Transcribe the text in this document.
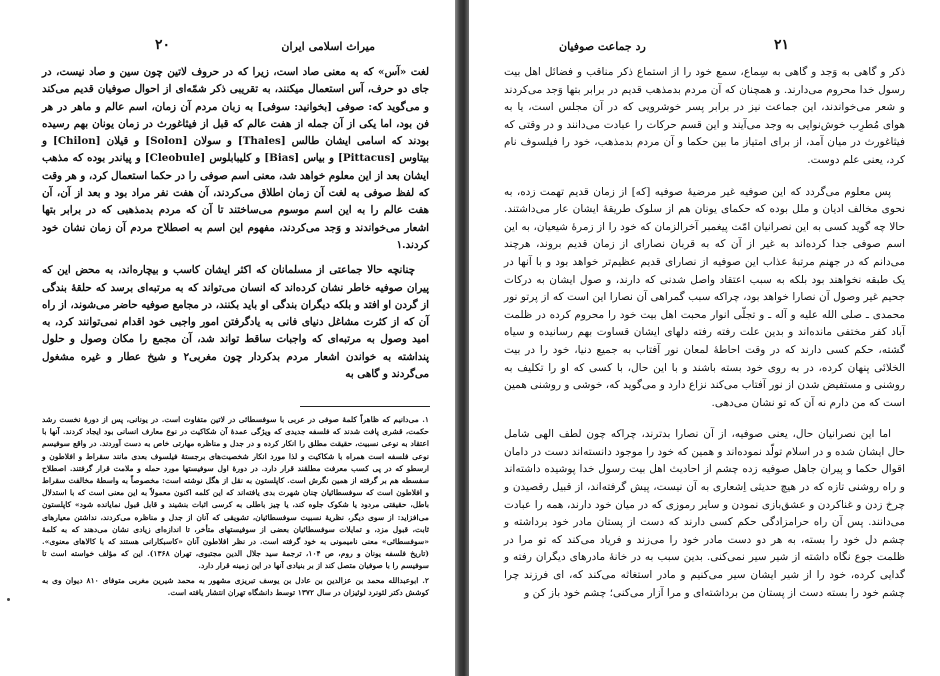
۲۰	میراث اسلامی ایران

لغت «آس» که به معنی صاد است، زیرا که در حروف لاتین چون سین و صاد نیست، در جای دو حرف، آس استعمال میکنند، به تقریبی ذکر شمّه‌ای از احوال صوفیان قدیم می‌کند و می‌گوید که: صوفی [بخوانید: سوفی] به زبان مردم آن زمان، اسم عالم و ماهر در هر فن بود، اما یکی از آن جمله از هفت عالم که قبل از فیثاغورث در زمان یونان بهم رسیده بودند که اسامی ایشان طالس [Thales] و سولان [Solon] و قیلان [Chilon] و بیتاوس [Pittacus] و بیاس [Bias] و کلیبابلوس [Cleobule] و پیاندر بوده که مذهب ایشان بعد از این معلوم خواهد شد، معنی اسم صوفی را در حکما استعمال کرد، و هر وقت که لفظ صوفی به لغت آن زمان اطلاق می‌کردند، آن هفت نفر مراد بود و بعد از آن، آن هفت عالم را به این اسم موسوم می‌ساختند تا آن که مردم بدمذهبی که در برابر بتها اشعار می‌خواندند و وَجد می‌کردند، مفهوم این اسم به اصطلاح مردم آن زمان نشان خود کردند.۱

چنانچه حالا جماعتی از مسلمانان که اکثر ایشان کاسب و بیچاره‌اند، به محض این که پیران صوفیه خاطر نشان کرده‌اند که انسان می‌تواند که به مرتبه‌ای برسد که حلقهٔ بندگی از گردن او افتد و بلکه دیگران بندگی او باید بکنند، در مجامع صوفیه حاضر می‌شوند، از راه آن که از کثرت مشاغل دنیای فانی به یادگرفتن امور واجبی خود اقدام نمی‌توانند کرد، به امید وصول به مرتبه‌ای که واجبات ساقط تواند شد، آن مجمع را مکان وصول و حلول پنداشته به خواندن اشعار مردم بدکردار چون مغربی۲ و شیخ عطار و غیره مشغول می‌گردند و گاهی به

۱. می‌دانیم که ظاهراً کلمهٔ صوفی در عربی با سوفسطائی در لاتین متفاوت است. در یونانی، پس از دورهٔ نخست رشد حکمت، قشری پافت شدند که فلسفه جدیدی که ویژگی عمدهٔ آن شکاکیت در نوع معارف انسانی بود ایجاد کردند. آنها با اعتقاد به نوعی نسبیت، حقیقت مطلق را انکار کرده و در جدل و مناظره مهارتی خاص به دست آوردند. در واقع سوفیسم نوعی فلسفه است همراه با شکاکیت و لذا مورد انکار شخصیت‌های برجستهٔ فیلسوف بعدی مانند سقراط و افلاطون و ارسطو که در پی کسب معرفت مطلقند قرار دارد. در دورهٔ اول سوفیستها مورد حمله و ملامت قرار گرفتند. اصطلاح سفسطه هم بر گرفته از همین نگرش است. کاپلستون به نقل از هگل نوشته است: مخصوصاً به واسطهٔ مخالفت سقراط و افلاطون است که سوفسطائیان چنان شهرت بدی یافته‌اند که این کلمه اکنون معمولاً به این معنی است که با استدلال باطل، حقیقتی مردود یا شکوک جلوه کند، یا چیز باطلی به کرسی اثبات بنشیند و قابل قبول نمایانده شود» کاپلستون می‌افزاید: از سوی دیگر، نظریهٔ نسبیت سوفسطائیان، تشویقی که آنان از جدل و مناظره می‌کردند، نداشتن معیارهای ثابت، قبول مزد، و تمایلات سوفسطائیان بعضی از سوفیستهای متأخر، تا اندازه‌ای زیادی نشان می‌دهند که به کلمهٔ «سوفسطائی» معنی نامیمونی به خود گرفته است. در نظر افلاطون آنان «کاسبکارانی هستند که با کالاهای معنوی». (تاریخ فلسفه یونان و روم، ص ۱۰۴، ترجمهٔ سید جلال الدین مجتبوی، تهران ۱۳۶۸). این که مؤلف خواسته است تا سوفیسم را با صوفیان متصل کند از بر بنیادی آنها در این زمینه قرار دارد.

۲. ابوعبدالله محمد بن عزالدین بن عادل بن یوسف تبریزی مشهور به محمد شیرین مغربی متوفای ۸۱۰ دیوان وی به کوشش دکتر لئونرد لوئیزان در سال ۱۳۷۲ توسط دانشگاه تهران انتشار یافته است.

۲۱
رد جماعت صوفیان

ذکر و گاهی به وَجد و گاهی به سِماع، سمع خود را از استماع ذکر مناقب و فضائل اهل بیت رسول خدا محروم می‌دارند. و همچنان که آن مردم بدمذهب قدیم در برابر بتها وَجد می‌کردند و شعر می‌خواندند، این جماعت نیز در برابر پسر خوشرویی که در آن مجلس است، یا به هوای مُطرِب خوش‌نوایی به وجد می‌آیند و این قسم حرکات را عبادت می‌دانند و در وقتی که فیثاغورث در میان آمد، از برای امتیاز ما بین حکما و آن مردم بدمذهب، خود را فیلسوف نام کرد، یعنی علم دوست.

پس معلوم می‌گردد که این صوفیه غیر مرضیهٔ صوفیه [که] از زمان قدیم تهمت زده، به نحوی مخالف ادیان و ملل بوده که حکمای یونان هم از سلوک طریقهٔ ایشان عار می‌داشتند. حالا چه گوید کسی به این نصرانیان امّت پیغمبر آخرالزمان که خود را از زمرهٔ شیعیان، به این اسم صوفی جدا کرده‌اند به غیر از آن که به قربان نصارای از زمان قدیم بروند، هرچند می‌دانم که در جهنم مرتبهٔ عذاب این صوفیه از نصارای قدیم عظیم‌تر خواهد بود و با آنها در یک طبقه نخواهند بود بلکه به سبب اعتقاد واصل شدنی که دارند، و صول ایشان به درکات جحیم غیر وصول آن نصارا خواهد بود، چراکه سبب گمراهی آن نصارا این است که از پرتو نور محمدی ـ صلی الله علیه و آله ـ و تجلّی انوار محبت اهل بیت خود را محروم کرده در ظلمت آباد کفر مختفی مانده‌اند و بدین علت رفته رفته دلهای ایشان قساوت بهم رسانیده و سیاه گشته، حکم کسی دارند که در وقت احاطهٔ لمعان نور آفتاب به جمیع دنیا، خود را در بیت الخلائی پنهان کرده، در به روی خود بسته باشند و با این حال، با کسی که او را تکلیف به روشنی و مستفیض شدن از نور آفتاب می‌کند نزاع دارد و می‌گوید که، خوشی و روشنی همین است که من دارم نه آن که تو نشان می‌دهی.

اما این نصرانیان حال، یعنی صوفیه، از آن نصارا بدترند، چراکه چون لطف الهی شامل حال ایشان شده و در اسلام تولّد نموده‌اند و همین که خود را موجود دانسته‌اند دست در دامان اقوال حکما و پیران جاهل صوفیه زده چشم از احادیث اهل بیت رسول خدا پوشیده داشته‌اند و راه روشنی تازه که در هیچ حدیثی اِشعاری به آن نیست، پیش گرفته‌اند، از قبیل رقصیدن و چرخ زدن و غناکردن و عشق‌بازی نمودن و سایر رموزی که در میان خود دارند، همه را عبادت می‌دانند. پس آن راه حرامزادگی حکم کسی دارند که دست از پستان مادر خود برداشته و چشم دل خود را بسته، به هر دو دست مادر خود را می‌زند و فریاد می‌کند که تو مرا در ظلمت جوع نگاه داشته از شیر سیر نمی‌کنی. بدین سبب به در خانهٔ مادرهای دیگران رفته و گدایی کرده، خود را از شیر ایشان سیر می‌کنیم و مادر استغاثه می‌کند که، ای فرزند چرا چشم خود را بسته دست از پستان من برداشته‌ای و مرا آزار می‌کنی؛ چشم خود باز کن و
